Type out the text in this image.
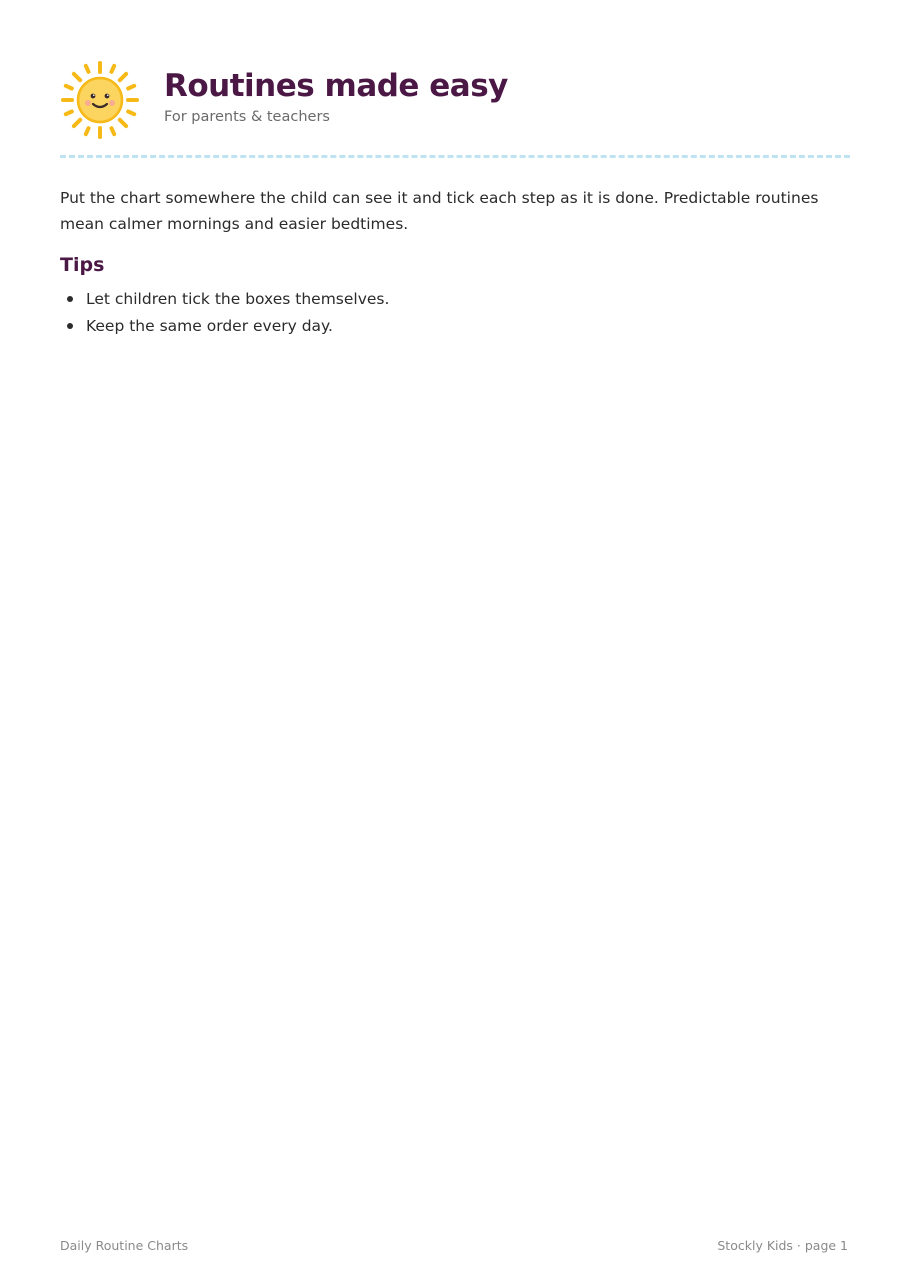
Routines made easy
For parents & teachers

Put the chart somewhere the child can see it and tick each step as it is done. Predictable routines mean calmer mornings and easier bedtimes.

Tips
Let children tick the boxes themselves.
Keep the same order every day.
Daily Routine Charts	Stockly Kids · page 1
